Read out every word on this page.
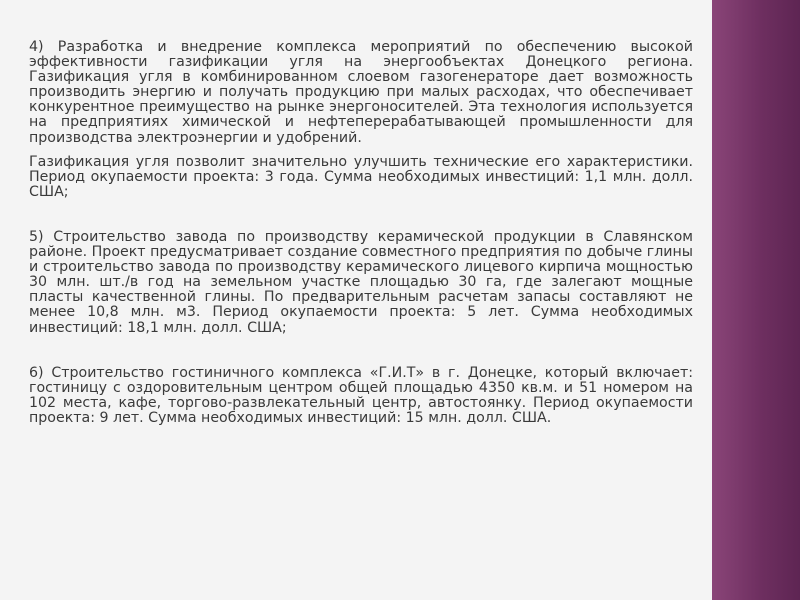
4) Разработка и внедрение комплекса мероприятий по обеспечению высокой эффективности газификации угля на энергообъектах Донецкого региона. Газификация угля в комбинированном слоевом газогенераторе дает возможность производить энергию и получать продукцию при малых расходах, что обеспечивает конкурентное преимущество на рынке энергоносителей. Эта технология используется на предприятиях химической и нефтеперерабатывающей промышленности для производства электроэнергии и удобрений.

Газификация угля позволит значительно улучшить технические его характеристики. Период окупаемости проекта: 3 года. Сумма необходимых инвестиций: 1,1 млн. долл. США;

5) Строительство завода по производству керамической продукции в Славянском районе. Проект предусматривает создание совместного предприятия по добыче глины и строительство завода по производству керамического лицевого кирпича мощностью 30 млн. шт./в год на земельном участке площадью 30 га, где залегают мощные пласты качественной глины. По предварительным расчетам запасы составляют не менее 10,8 млн. м3. Период окупаемости проекта: 5 лет. Сумма необходимых инвестиций: 18,1 млн. долл. США;

6) Строительство гостиничного комплекса «Г.И.Т» в г. Донецке, который включает: гостиницу с оздоровительным центром общей площадью 4350 кв.м. и 51 номером на 102 места, кафе, торгово-развлекательный центр, автостоянку. Период окупаемости проекта: 9 лет. Сумма необходимых инвестиций: 15 млн. долл. США.
